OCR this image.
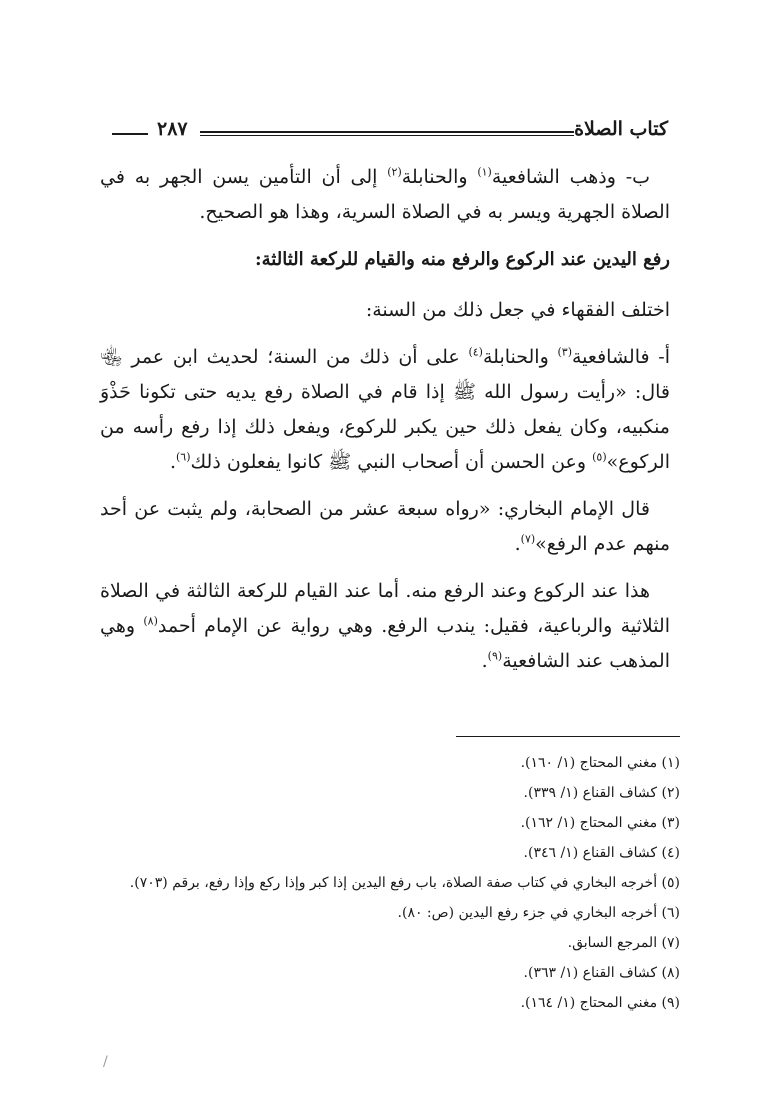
٢٨٧	كتاب الصلاة

ب- وذهب الشافعية$^{(١)}$ والحنابلة$^{(٢)}$ إلى أن التأمين يسن الجهر به في الصلاة الجهرية ويسر به في الصلاة السرية، وهذا هو الصحيح.

رفع اليدين عند الركوع والرفع منه والقيام للركعة الثالثة:

اختلف الفقهاء في جعل ذلك من السنة:

أ- فالشافعية$^{(٣)}$ والحنابلة$^{(٤)}$ على أن ذلك من السنة؛ لحديث ابن عمر ﵄ قال: «رأيت رسول الله ﷺ إذا قام في الصلاة رفع يديه حتى تكونا حَذْوَ منكبيه، وكان يفعل ذلك حين يكبر للركوع، ويفعل ذلك إذا رفع رأسه من الركوع»$^{(٥)}$ وعن الحسن أن أصحاب النبي ﷺ كانوا يفعلون ذلك$^{(٦)}$.

قال الإمام البخاري: «رواه سبعة عشر من الصحابة، ولم يثبت عن أحد منهم عدم الرفع»$^{(٧)}$.

هذا عند الركوع وعند الرفع منه. أما عند القيام للركعة الثالثة في الصلاة الثلاثية والرباعية، فقيل: يندب الرفع. وهي رواية عن الإمام أحمد$^{(٨)}$ وهي المذهب عند الشافعية$^{(٩)}$.

(١) مغني المحتاج (١/ ١٦٠).
(٢) كشاف القناع (١/ ٣٣٩).
(٣) مغني المحتاج (١/ ١٦٢).
(٤) كشاف القناع (١/ ٣٤٦).
(٥) أخرجه البخاري في كتاب صفة الصلاة، باب رفع اليدين إذا كبر وإذا ركع وإذا رفع، برقم (٧٠٣).
(٦) أخرجه البخاري في جزء رفع اليدين (ص: ٨٠).
(٧) المرجع السابق.
(٨) كشاف القناع (١/ ٣٦٣).
(٩) مغني المحتاج (١/ ١٦٤).
/
